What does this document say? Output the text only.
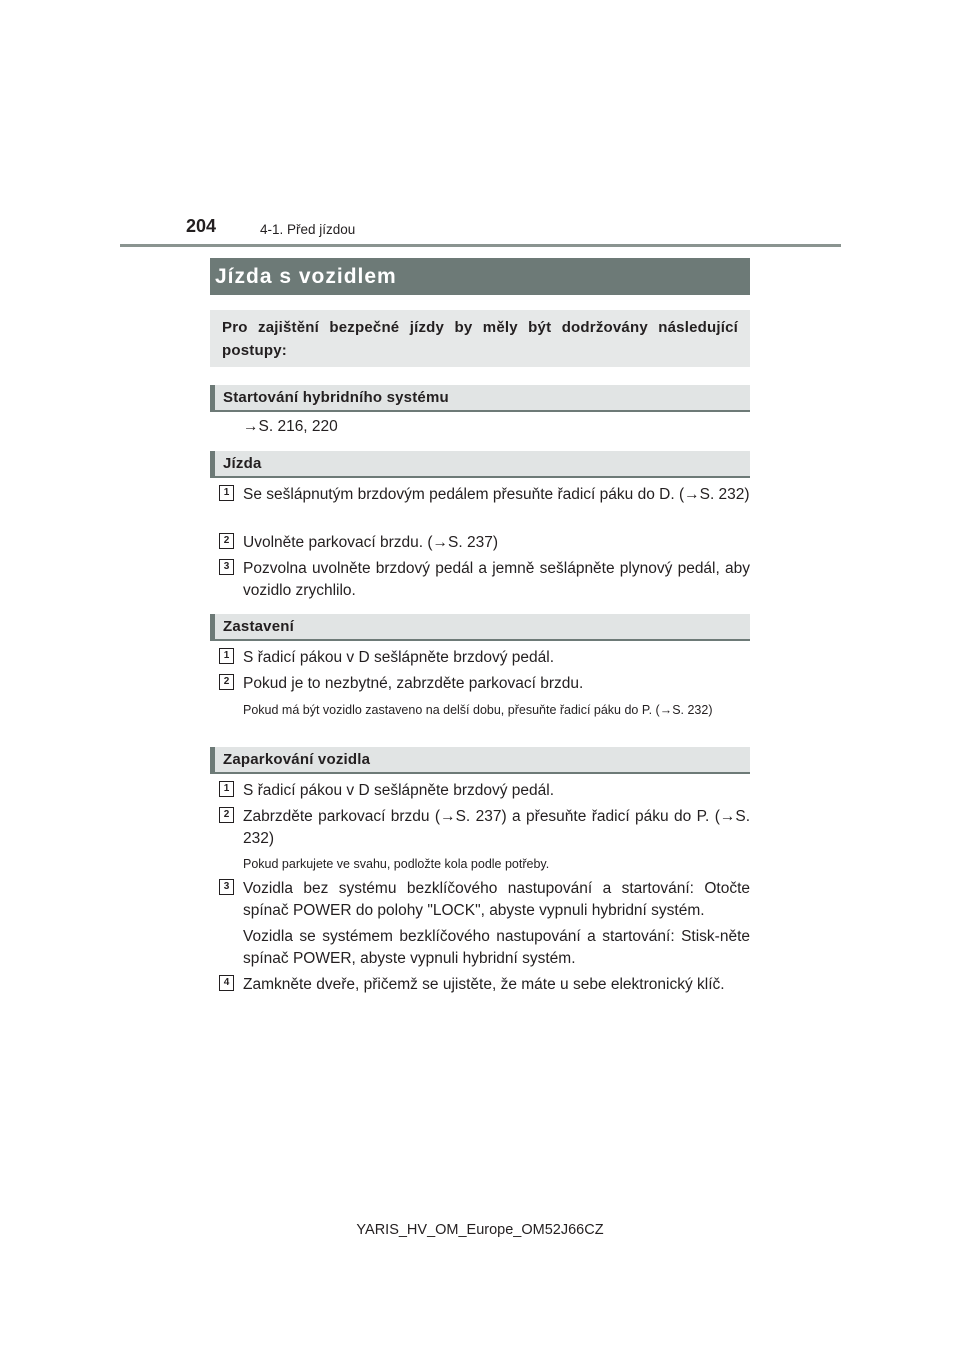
204	4-1. Před jízdou
Jízda s vozidlem
Pro zajištění bezpečné jízdy by měly být dodržovány následující postupy:
Startování hybridního systému
→S. 216, 220
Jízda
1 Se sešlápnutým brzdovým pedálem přesuňte řadicí páku do D. (→S. 232)
2 Uvolněte parkovací brzdu. (→S. 237)
3 Pozvolna uvolněte brzdový pedál a jemně sešlápněte plynový pedál, aby vozidlo zrychlilo.
Zastavení
1 S řadicí pákou v D sešlápněte brzdový pedál.
2 Pokud je to nezbytné, zabrzděte parkovací brzdu.
Pokud má být vozidlo zastaveno na delší dobu, přesuňte řadicí páku do P. (→S. 232)
Zaparkování vozidla
1 S řadicí pákou v D sešlápněte brzdový pedál.
2 Zabrzděte parkovací brzdu (→S. 237) a přesuňte řadicí páku do P. (→S. 232)
Pokud parkujete ve svahu, podložte kola podle potřeby.
3 Vozidla bez systému bezklíčového nastupování a startování: Otočte spínač POWER do polohy "LOCK", abyste vypnuli hybridní systém.
Vozidla se systémem bezklíčového nastupování a startování: Stisk-něte spínač POWER, abyste vypnuli hybridní systém.
4 Zamkněte dveře, přičemž se ujistěte, že máte u sebe elektronický klíč.
YARIS_HV_OM_Europe_OM52J66CZ
